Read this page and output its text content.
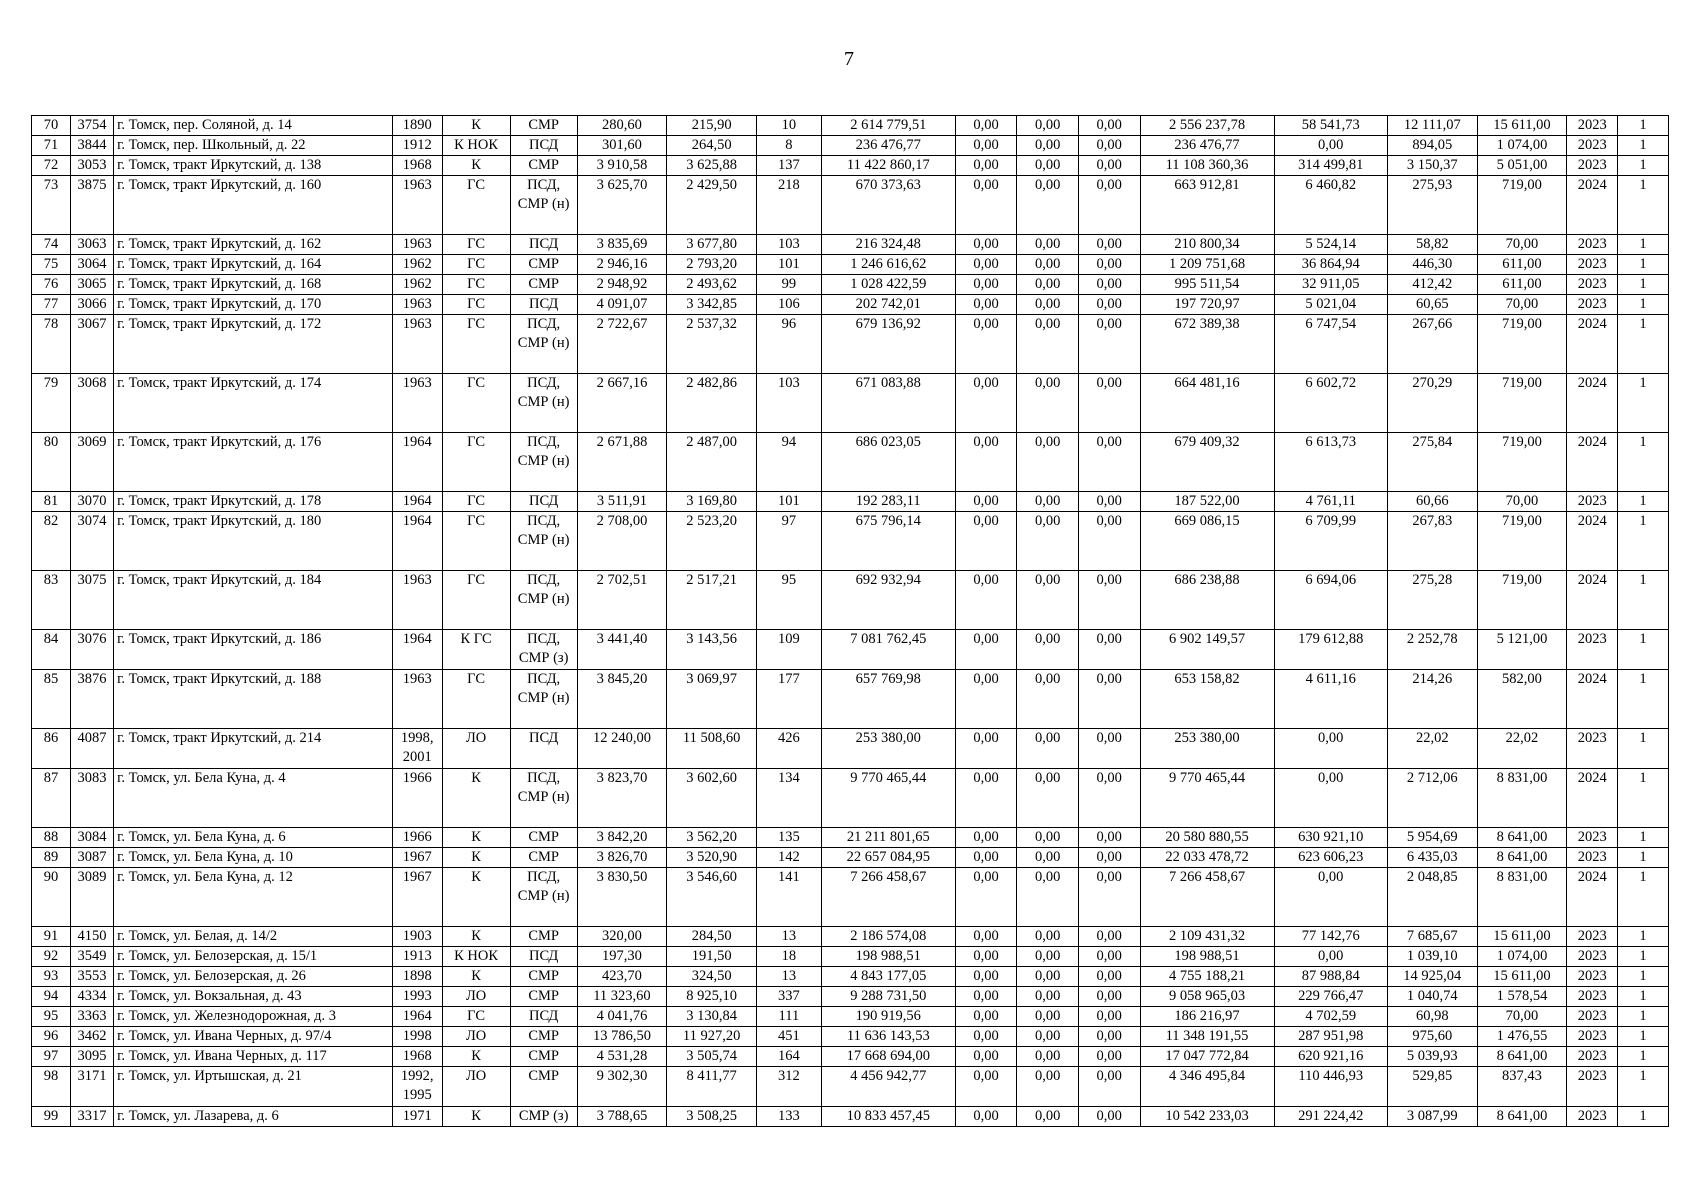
7
70	3754	г. Томск, пер. Соляной, д. 14	1890	К	СМР	280,60	215,90	10	2 614 779,51	0,00	0,00	0,00	2 556 237,78	58 541,73	12 111,07	15 611,00	2023	1
71	3844	г. Томск, пер. Школьный, д. 22	1912	К НОК	ПСД	301,60	264,50	8	236 476,77	0,00	0,00	0,00	236 476,77	0,00	894,05	1 074,00	2023	1
72	3053	г. Томск, тракт Иркутский, д. 138	1968	К	СМР	3 910,58	3 625,88	137	11 422 860,17	0,00	0,00	0,00	11 108 360,36	314 499,81	3 150,37	5 051,00	2023	1
73	3875	г. Томск, тракт Иркутский, д. 160	1963	ГС	ПСД, СМР (н)	3 625,70	2 429,50	218	670 373,63	0,00	0,00	0,00	663 912,81	6 460,82	275,93	719,00	2024	1
74	3063	г. Томск, тракт Иркутский, д. 162	1963	ГС	ПСД	3 835,69	3 677,80	103	216 324,48	0,00	0,00	0,00	210 800,34	5 524,14	58,82	70,00	2023	1
75	3064	г. Томск, тракт Иркутский, д. 164	1962	ГС	СМР	2 946,16	2 793,20	101	1 246 616,62	0,00	0,00	0,00	1 209 751,68	36 864,94	446,30	611,00	2023	1
76	3065	г. Томск, тракт Иркутский, д. 168	1962	ГС	СМР	2 948,92	2 493,62	99	1 028 422,59	0,00	0,00	0,00	995 511,54	32 911,05	412,42	611,00	2023	1
77	3066	г. Томск, тракт Иркутский, д. 170	1963	ГС	ПСД	4 091,07	3 342,85	106	202 742,01	0,00	0,00	0,00	197 720,97	5 021,04	60,65	70,00	2023	1
78	3067	г. Томск, тракт Иркутский, д. 172	1963	ГС	ПСД, СМР (н)	2 722,67	2 537,32	96	679 136,92	0,00	0,00	0,00	672 389,38	6 747,54	267,66	719,00	2024	1
79	3068	г. Томск, тракт Иркутский, д. 174	1963	ГС	ПСД, СМР (н)	2 667,16	2 482,86	103	671 083,88	0,00	0,00	0,00	664 481,16	6 602,72	270,29	719,00	2024	1
80	3069	г. Томск, тракт Иркутский, д. 176	1964	ГС	ПСД, СМР (н)	2 671,88	2 487,00	94	686 023,05	0,00	0,00	0,00	679 409,32	6 613,73	275,84	719,00	2024	1
81	3070	г. Томск, тракт Иркутский, д. 178	1964	ГС	ПСД	3 511,91	3 169,80	101	192 283,11	0,00	0,00	0,00	187 522,00	4 761,11	60,66	70,00	2023	1
82	3074	г. Томск, тракт Иркутский, д. 180	1964	ГС	ПСД, СМР (н)	2 708,00	2 523,20	97	675 796,14	0,00	0,00	0,00	669 086,15	6 709,99	267,83	719,00	2024	1
83	3075	г. Томск, тракт Иркутский, д. 184	1963	ГС	ПСД, СМР (н)	2 702,51	2 517,21	95	692 932,94	0,00	0,00	0,00	686 238,88	6 694,06	275,28	719,00	2024	1
84	3076	г. Томск, тракт Иркутский, д. 186	1964	К ГС	ПСД, СМР (з)	3 441,40	3 143,56	109	7 081 762,45	0,00	0,00	0,00	6 902 149,57	179 612,88	2 252,78	5 121,00	2023	1
85	3876	г. Томск, тракт Иркутский, д. 188	1963	ГС	ПСД, СМР (н)	3 845,20	3 069,97	177	657 769,98	0,00	0,00	0,00	653 158,82	4 611,16	214,26	582,00	2024	1
86	4087	г. Томск, тракт Иркутский, д. 214	1998, 2001	ЛО	ПСД	12 240,00	11 508,60	426	253 380,00	0,00	0,00	0,00	253 380,00	0,00	22,02	22,02	2023	1
87	3083	г. Томск, ул. Бела Куна, д. 4	1966	К	ПСД, СМР (н)	3 823,70	3 602,60	134	9 770 465,44	0,00	0,00	0,00	9 770 465,44	0,00	2 712,06	8 831,00	2024	1
88	3084	г. Томск, ул. Бела Куна, д. 6	1966	К	СМР	3 842,20	3 562,20	135	21 211 801,65	0,00	0,00	0,00	20 580 880,55	630 921,10	5 954,69	8 641,00	2023	1
89	3087	г. Томск, ул. Бела Куна, д. 10	1967	К	СМР	3 826,70	3 520,90	142	22 657 084,95	0,00	0,00	0,00	22 033 478,72	623 606,23	6 435,03	8 641,00	2023	1
90	3089	г. Томск, ул. Бела Куна, д. 12	1967	К	ПСД, СМР (н)	3 830,50	3 546,60	141	7 266 458,67	0,00	0,00	0,00	7 266 458,67	0,00	2 048,85	8 831,00	2024	1
91	4150	г. Томск, ул. Белая, д. 14/2	1903	К	СМР	320,00	284,50	13	2 186 574,08	0,00	0,00	0,00	2 109 431,32	77 142,76	7 685,67	15 611,00	2023	1
92	3549	г. Томск, ул. Белозерская, д. 15/1	1913	К НОК	ПСД	197,30	191,50	18	198 988,51	0,00	0,00	0,00	198 988,51	0,00	1 039,10	1 074,00	2023	1
93	3553	г. Томск, ул. Белозерская, д. 26	1898	К	СМР	423,70	324,50	13	4 843 177,05	0,00	0,00	0,00	4 755 188,21	87 988,84	14 925,04	15 611,00	2023	1
94	4334	г. Томск, ул. Вокзальная, д. 43	1993	ЛО	СМР	11 323,60	8 925,10	337	9 288 731,50	0,00	0,00	0,00	9 058 965,03	229 766,47	1 040,74	1 578,54	2023	1
95	3363	г. Томск, ул. Железнодорожная, д. 3	1964	ГС	ПСД	4 041,76	3 130,84	111	190 919,56	0,00	0,00	0,00	186 216,97	4 702,59	60,98	70,00	2023	1
96	3462	г. Томск, ул. Ивана Черных, д. 97/4	1998	ЛО	СМР	13 786,50	11 927,20	451	11 636 143,53	0,00	0,00	0,00	11 348 191,55	287 951,98	975,60	1 476,55	2023	1
97	3095	г. Томск, ул. Ивана Черных, д. 117	1968	К	СМР	4 531,28	3 505,74	164	17 668 694,00	0,00	0,00	0,00	17 047 772,84	620 921,16	5 039,93	8 641,00	2023	1
98	3171	г. Томск, ул. Иртышская, д. 21	1992, 1995	ЛО	СМР	9 302,30	8 411,77	312	4 456 942,77	0,00	0,00	0,00	4 346 495,84	110 446,93	529,85	837,43	2023	1
99	3317	г. Томск, ул. Лазарева, д. 6	1971	К	СМР (з)	3 788,65	3 508,25	133	10 833 457,45	0,00	0,00	0,00	10 542 233,03	291 224,42	3 087,99	8 641,00	2023	1
